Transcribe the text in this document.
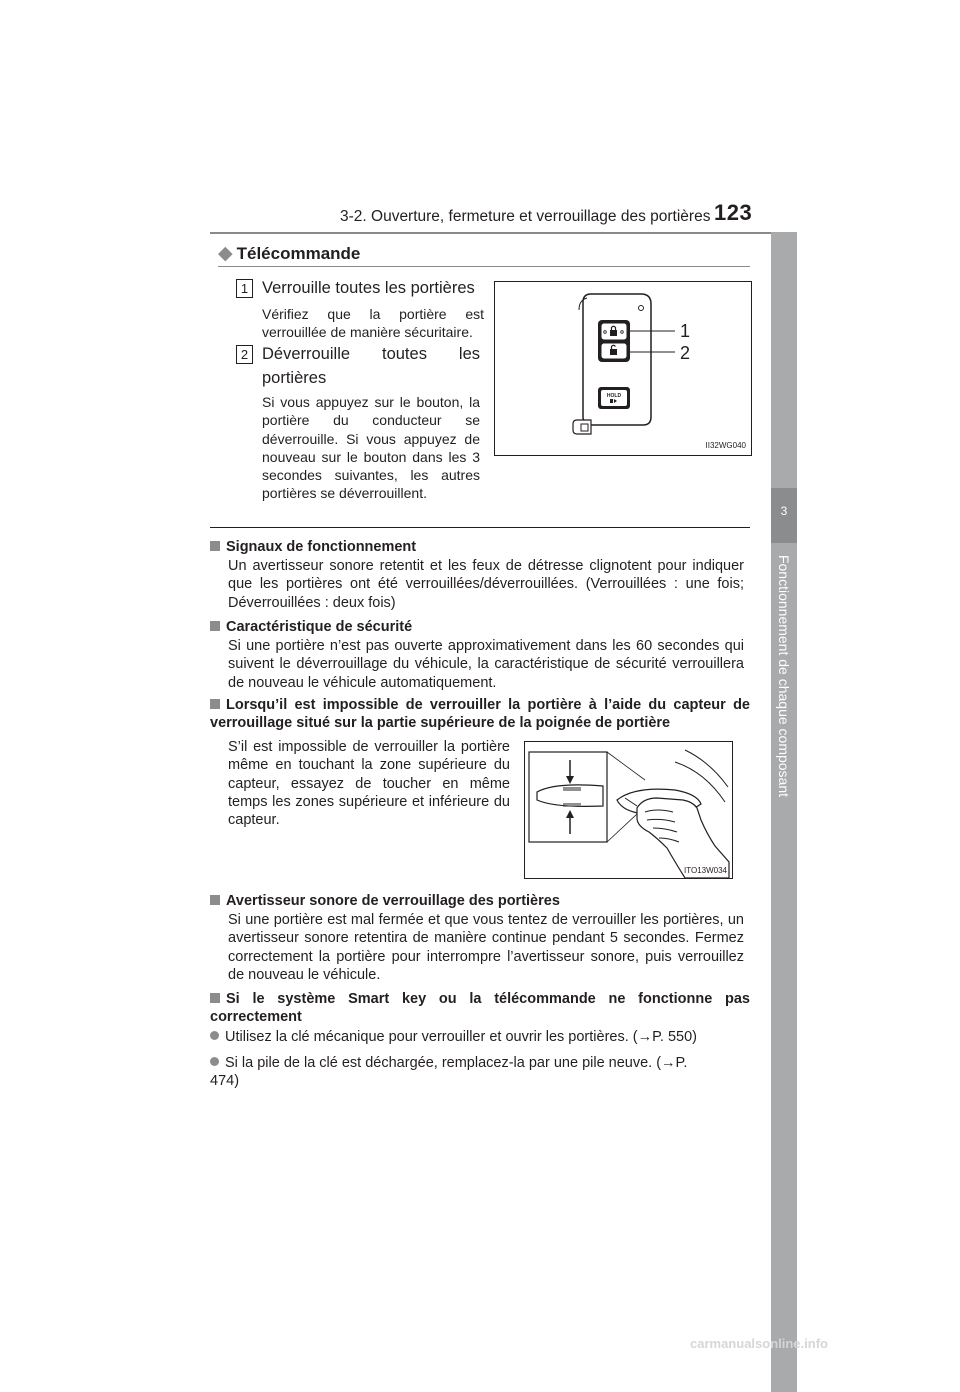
3-2. Ouverture, fermeture et verrouillage des portières 123
3
Fonctionnement de chaque composant
◆ Télécommande
1 Verrouille toutes les portières
Vérifiez que la portière est verrouillée de manière sécuritaire.
2 Déverrouille toutes les portières
Si vous appuyez sur le bouton, la portière du conducteur se déverrouille. Si vous appuyez de nouveau sur le bouton dans les 3 secondes suivantes, les autres portières se déverrouillent.
HOLD
1
2
II32WG040
Signaux de fonctionnement
Un avertisseur sonore retentit et les feux de détresse clignotent pour indiquer que les portières ont été verrouillées/déverrouillées. (Verrouillées : une fois; Déverrouillées : deux fois)
Caractéristique de sécurité
Si une portière n’est pas ouverte approximativement dans les 60 secondes qui suivent le déverrouillage du véhicule, la caractéristique de sécurité verrouillera de nouveau le véhicule automatiquement.
Lorsqu’il est impossible de verrouiller la portière à l’aide du capteur de verrouillage situé sur la partie supérieure de la poignée de portière
S’il est impossible de verrouiller la portière même en touchant la zone supérieure du capteur, essayez de toucher en même temps les zones supérieure et inférieure du capteur.
ITO13W034
Avertisseur sonore de verrouillage des portières
Si une portière est mal fermée et que vous tentez de verrouiller les portières, un avertisseur sonore retentira de manière continue pendant 5 secondes. Fermez correctement la portière pour interrompre l’avertisseur sonore, puis verrouillez de nouveau le véhicule.
Si le système Smart key ou la télécommande ne fonctionne pas correctement
Utilisez la clé mécanique pour verrouiller et ouvrir les portières. (→P. 550)
Si la pile de la clé est déchargée, remplacez-la par une pile neuve. (→P. 474)
carmanualsonline.info
